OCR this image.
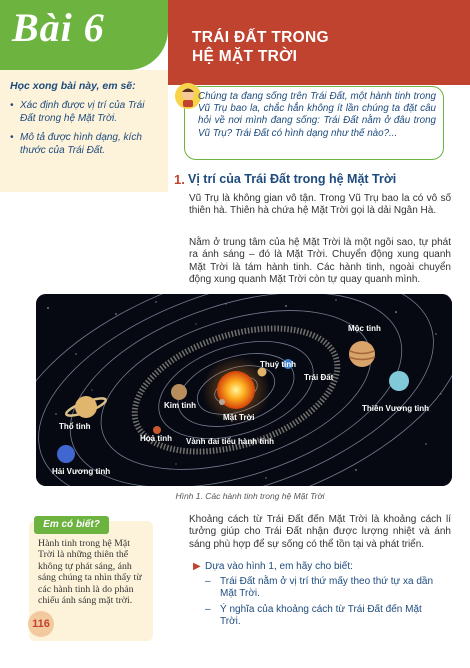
Bài 6
Học xong bài này, em sẽ:
• Xác định được vị trí của Trái Đất trong hệ Mặt Trời.
• Mô tả được hình dạng, kích thước của Trái Đất.
TRÁI ĐẤT TRONG
HỆ MẶT TRỜI
Chúng ta đang sống trên Trái Đất, một hành tinh trong Vũ Trụ bao la, chắc hẳn không ít lần chúng ta đặt câu hỏi về nơi mình đang sống: Trái Đất nằm ở đâu trong Vũ Trụ? Trái Đất có hình dạng như thế nào?...
1. Vị trí của Trái Đất trong hệ Mặt Trời
Vũ Trụ là không gian vô tận. Trong Vũ Trụ bao la có vô số thiên hà. Thiên hà chứa hệ Mặt Trời gọi là dải Ngân Hà.
Nằm ở trung tâm của hệ Mặt Trời là một ngôi sao, tự phát ra ánh sáng – đó là Mặt Trời. Chuyển động xung quanh Mặt Trời là tám hành tinh. Các hành tinh, ngoài chuyển động xung quanh Mặt Trời còn tự quay quanh mình.
Hải Vương tinh
Thổ tinh
Mộc tinh
Hoả tinh
Thuỷ tinh
Trái Đất
Kim tinh	Thiên Vương tinh
Mặt Trời
Vành đai tiểu hành tinh
Hình 1. Các hành tinh trong hệ Mặt Trời
Em có biết?
Hành tinh trong hệ Mặt Trời là những thiên thể không tự phát sáng, ánh sáng chúng ta nhìn thấy từ các hành tinh là do phản chiếu ánh sáng mặt trời.
Khoảng cách từ Trái Đất đến Mặt Trời là khoảng cách lí tưởng giúp cho Trái Đất nhận được lượng nhiệt và ánh sáng phù hợp để sự sống có thể tồn tại và phát triển.
▶ Dựa vào hình 1, em hãy cho biết:
– Trái Đất nằm ở vị trí thứ mấy theo thứ tự xa dần Mặt Trời.
– Ý nghĩa của khoảng cách từ Trái Đất đến Mặt Trời.
116
